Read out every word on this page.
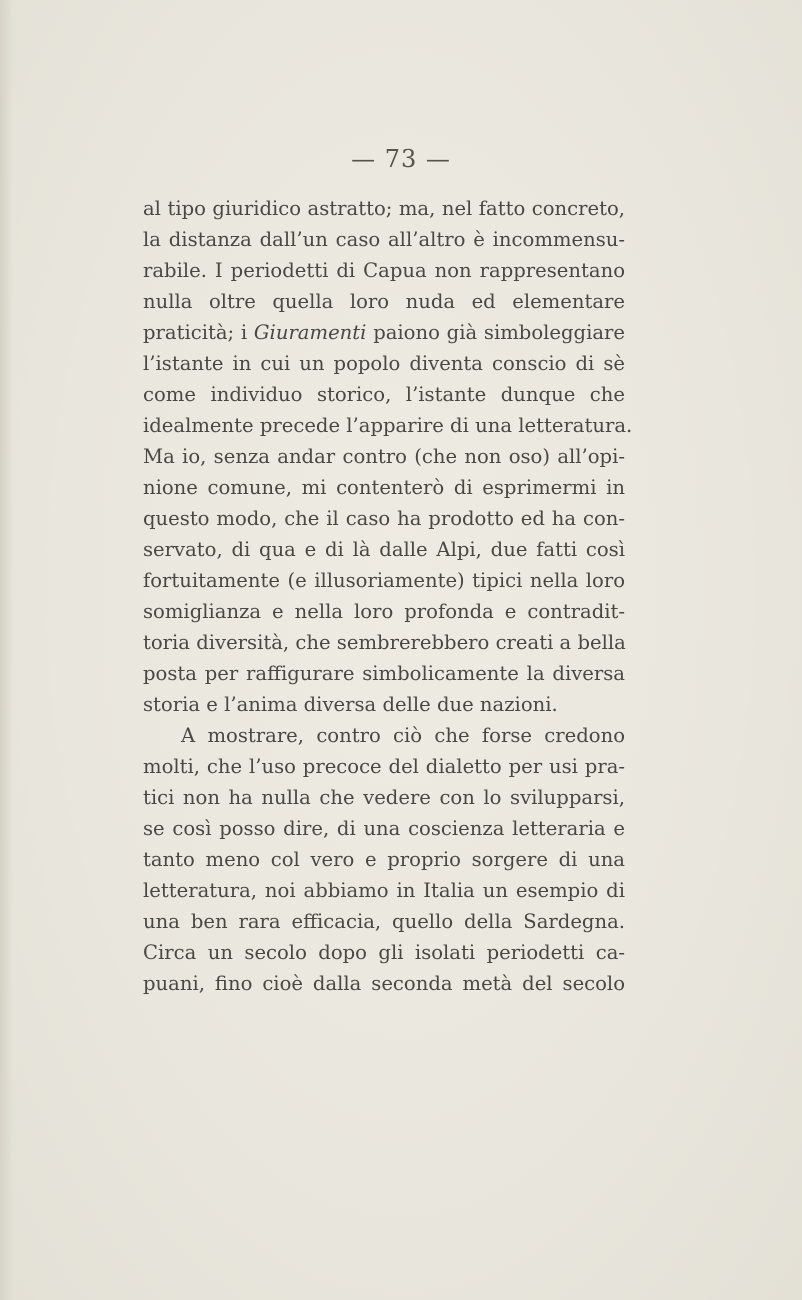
— 73 —
al tipo giuridico astratto; ma, nel fatto concreto,
la distanza dall’un caso all’altro è incommensu-
rabile. I periodetti di Capua non rappresentano
nulla oltre quella loro nuda ed elementare
praticità; i Giuramenti paiono già simboleggiare
l’istante in cui un popolo diventa conscio di sè
come individuo storico, l’istante dunque che
idealmente precede l’apparire di una letteratura.
Ma io, senza andar contro (che non oso) all’opi-
nione comune, mi contenterò di esprimermi in
questo modo, che il caso ha prodotto ed ha con-
servato, di qua e di là dalle Alpi, due fatti così
fortuitamente (e illusoriamente) tipici nella loro
somiglianza e nella loro profonda e contradit-
toria diversità, che sembrerebbero creati a bella
posta per raffigurare simbolicamente la diversa
storia e l’anima diversa delle due nazioni.
A mostrare, contro ciò che forse credono
molti, che l’uso precoce del dialetto per usi pra-
tici non ha nulla che vedere con lo svilupparsi,
se così posso dire, di una coscienza letteraria e
tanto meno col vero e proprio sorgere di una
letteratura, noi abbiamo in Italia un esempio di
una ben rara efficacia, quello della Sardegna.
Circa un secolo dopo gli isolati periodetti ca-
puani, fino cioè dalla seconda metà del secolo
